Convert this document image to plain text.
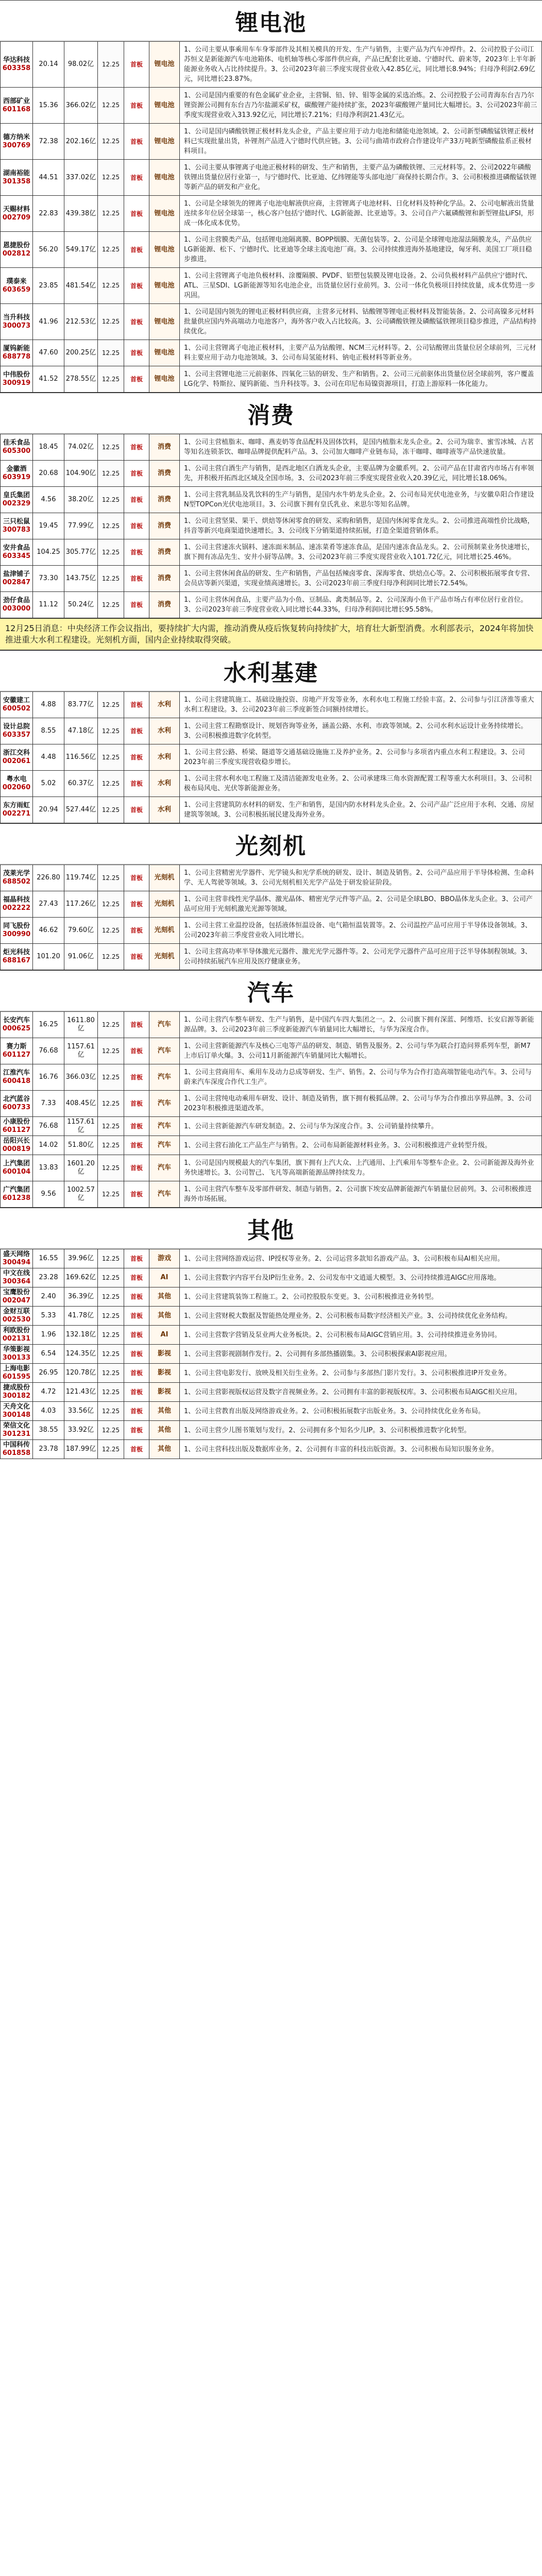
锂电池
华达科技
603358	20.14	98.02亿	12.25	首板	锂电池	1、公司主要从事乘用车车身零部件及其相关模具的开发、生产与销售，主要产品为汽车冲焊件。2、公司控股子公司江苏恒义是新能源汽车电池箱体、电机轴等核心零部件供应商，产品已配套比亚迪、宁德时代、蔚来等，2023年上半年新能源业务收入占比持续提升。3、公司2023年前三季度实现营业收入42.85亿元，同比增长8.94%；归母净利润2.69亿元，同比增长23.87%。

西部矿业
601168	15.36	366.02亿	12.25	首板	锂电池	1、公司是国内重要的有色金属矿业企业，主营铜、铅、锌、钼等金属的采选冶炼。2、公司控股子公司青海东台吉乃尔锂资源公司拥有东台吉乃尔盐湖采矿权，碳酸锂产能持续扩张，2023年碳酸锂产量同比大幅增长。3、公司2023年前三季度实现营业收入313.92亿元，同比增长7.21%；归母净利润21.43亿元。

德方纳米
300769	72.38	202.16亿	12.25	首板	锂电池	1、公司是国内磷酸铁锂正极材料龙头企业，产品主要应用于动力电池和储能电池领域。2、公司新型磷酸锰铁锂正极材料已实现批量出货，补锂剂产品进入宁德时代供应链。3、公司与曲靖市政府合作建设年产33万吨新型磷酸盐系正极材料项目。

湖南裕能
301358	44.51	337.02亿	12.25	首板	锂电池	1、公司主要从事锂离子电池正极材料的研发、生产和销售，主要产品为磷酸铁锂、三元材料等。2、公司2022年磷酸铁锂出货量位居行业第一，与宁德时代、比亚迪、亿纬锂能等头部电池厂商保持长期合作。3、公司积极推进磷酸锰铁锂等新产品的研发和产业化。

天赐材料
002709	22.83	439.38亿	12.25	首板	锂电池	1、公司是全球领先的锂离子电池电解液供应商，主营锂离子电池材料、日化材料及特种化学品。2、公司电解液出货量连续多年位居全球第一，核心客户包括宁德时代、LG新能源、比亚迪等。3、公司自产六氟磷酸锂和新型锂盐LiFSI，形成一体化成本优势。

恩捷股份
002812	56.20	549.17亿	12.25	首板	锂电池	1、公司主营膜类产品，包括锂电池隔离膜、BOPP烟膜、无菌包装等。2、公司是全球锂电池湿法隔膜龙头，产品供应LG新能源、松下、宁德时代、比亚迪等全球主流电池厂商。3、公司持续推进海外基地建设，匈牙利、美国工厂项目稳步推进。

璞泰来
603659	23.85	481.54亿	12.25	首板	锂电池	1、公司主营锂离子电池负极材料、涂覆隔膜、PVDF、铝塑包装膜及锂电设备。2、公司负极材料产品供应宁德时代、ATL、三星SDI、LG新能源等知名电池企业，出货量位居行业前列。3、公司一体化负极项目持续放量，成本优势进一步巩固。

当升科技
300073	41.96	212.53亿	12.25	首板	锂电池	1、公司是国内领先的锂电正极材料供应商，主营多元材料、钴酸锂等锂电正极材料及智能装备。2、公司高镍多元材料批量供应国内外高端动力电池客户，海外客户收入占比较高。3、公司磷酸铁锂及磷酸锰铁锂项目稳步推进，产品结构持续优化。

厦钨新能
688778	47.60	200.25亿	12.25	首板	锂电池	1、公司主营锂离子电池正极材料，主要产品为钴酸锂、NCM三元材料等。2、公司钴酸锂出货量位居全球前列，三元材料主要应用于动力电池领域。3、公司布局氢能材料、钠电正极材料等新业务。

中伟股份
300919	41.52	278.55亿	12.25	首板	锂电池	1、公司主营锂电池三元前驱体、四氧化三钴的研发、生产和销售。2、公司三元前驱体出货量位居全球前列，客户覆盖LG化学、特斯拉、厦钨新能、当升科技等。3、公司在印尼布局镍资源项目，打造上游原料一体化能力。
消费
佳禾食品
605300	18.45	74.02亿	12.25	首板	消费	1、公司主营植脂末、咖啡、燕麦奶等食品配料及固体饮料，是国内植脂末龙头企业。2、公司为瑞幸、蜜雪冰城、古茗等知名连锁茶饮、咖啡品牌提供配料产品。3、公司加大咖啡产业链布局，冻干咖啡、咖啡液等产品快速放量。

金徽酒
603919	20.68	104.90亿	12.25	首板	消费	1、公司主营白酒生产与销售，是西北地区白酒龙头企业，主要品牌为金徽系列。2、公司产品在甘肃省内市场占有率领先，并积极开拓西北区域及全国市场。3、公司2023年前三季度实现营业收入20.39亿元，同比增长18.06%。

皇氏集团
002329	4.56	38.20亿	12.25	首板	消费	1、公司主营乳制品及乳饮料的生产与销售，是国内水牛奶龙头企业。2、公司布局光伏电池业务，与安徽阜阳合作建设N型TOPCon光伏电池项目。3、公司旗下拥有皇氏乳业、来思尔等知名品牌。

三只松鼠
300783	19.45	77.99亿	12.25	首板	消费	1、公司主营坚果、果干、烘焙等休闲零食的研发、采购和销售，是国内休闲零食龙头。2、公司推进高端性价比战略，抖音等新兴电商渠道快速增长。3、公司线下分销渠道持续拓展，打造全渠道营销体系。

安井食品
603345	104.25	305.77亿	12.25	首板	消费	1、公司主营速冻火锅料、速冻面米制品、速冻菜肴等速冻食品，是国内速冻食品龙头。2、公司预制菜业务快速增长，旗下拥有冻品先生、安井小厨等品牌。3、公司2023年前三季度实现营业收入101.72亿元，同比增长25.46%。

盐津铺子
002847	73.30	143.75亿	12.25	首板	消费	1、公司主营休闲食品的研发、生产和销售，产品包括辣卤零食、深海零食、烘焙点心等。2、公司积极拓展零食专营、会员店等新兴渠道，实现业绩高速增长。3、公司2023年前三季度归母净利润同比增长72.54%。

劲仔食品
003000	11.12	50.24亿	12.25	首板	消费	1、公司主营休闲食品，主要产品为小鱼、豆制品、禽类制品等。2、公司深海小鱼干产品市场占有率位居行业首位。3、公司2023年前三季度营业收入同比增长44.33%，归母净利润同比增长95.58%。
12月25日消息：中央经济工作会议指出，要持续扩大内需，推动消费从疫后恢复转向持续扩大，培育壮大新型消费。水利部表示，2024年将加快推进重大水利工程建设。光刻机方面，国内企业持续取得突破。
水利基建
安徽建工
600502	4.88	83.77亿	12.25	首板	水利	1、公司主营建筑施工、基础设施投资、房地产开发等业务，水利水电工程施工经验丰富。2、公司参与引江济淮等重大水利工程建设。3、公司2023年前三季度新签合同额持续增长。

设计总院
603357	8.55	47.18亿	12.25	首板	水利	1、公司主营工程勘察设计、规划咨询等业务，涵盖公路、水利、市政等领域。2、公司水利水运设计业务持续增长。3、公司积极推进数字化转型。

浙江交科
002061	4.48	116.56亿	12.25	首板	水利	1、公司主营公路、桥梁、隧道等交通基础设施施工及养护业务。2、公司参与多项省内重点水利工程建设。3、公司2023年前三季度实现营收稳步增长。

粤水电
002060	5.02	60.37亿	12.25	首板	水利	1、公司主营水利水电工程施工及清洁能源发电业务。2、公司承建珠三角水资源配置工程等重大水利项目。3、公司积极布局风电、光伏等新能源业务。

东方雨虹
002271	20.94	527.44亿	12.25	首板	水利	1、公司主营建筑防水材料的研发、生产和销售，是国内防水材料龙头企业。2、公司产品广泛应用于水利、交通、房屋建筑等领域。3、公司积极拓展民建及海外业务。
光刻机
茂莱光学
688502	226.80	119.74亿	12.25	首板	光刻机	1、公司主营精密光学器件、光学镜头和光学系统的研发、设计、制造及销售。2、公司产品应用于半导体检测、生命科学、无人驾驶等领域。3、公司光刻机相关光学产品处于研发验证阶段。

福晶科技
002222	27.43	117.26亿	12.25	首板	光刻机	1、公司主营非线性光学晶体、激光晶体、精密光学元件等产品。2、公司是全球LBO、BBO晶体龙头企业。3、公司产品可应用于光刻机激光光源等领域。

同飞股份
300990	46.62	79.60亿	12.25	首板	光刻机	1、公司主营工业温控设备，包括液体恒温设备、电气箱恒温装置等。2、公司温控产品可应用于半导体设备领域。3、公司2023年前三季度营业收入同比增长。

炬光科技
688167	101.20	91.06亿	12.25	首板	光刻机	1、公司主营高功率半导体激光元器件、激光光学元器件等。2、公司光学元器件产品可应用于泛半导体制程领域。3、公司持续拓展汽车应用及医疗健康业务。
汽车
长安汽车
000625	16.25	1611.80亿	12.25	首板	汽车	1、公司主营汽车整车研发、生产与销售，是中国汽车四大集团之一。2、公司旗下拥有深蓝、阿维塔、长安启源等新能源品牌。3、公司2023年前三季度新能源汽车销量同比大幅增长，与华为深度合作。

赛力斯
601127	76.68	1157.61亿	12.25	首板	汽车	1、公司主营新能源汽车及核心三电等产品的研发、制造、销售及服务。2、公司与华为联合打造问界系列车型，新M7上市后订单火爆。3、公司11月新能源汽车销量同比大幅增长。

江淮汽车
600418	16.76	366.03亿	12.25	首板	汽车	1、公司主营商用车、乘用车及动力总成等研发、生产、销售。2、公司与华为合作打造高端智能电动汽车。3、公司与蔚来汽车深度合作代工生产。

北汽蓝谷
600733	7.33	408.45亿	12.25	首板	汽车	1、公司主营纯电动乘用车研发、设计、制造及销售，旗下拥有极狐品牌。2、公司与华为合作推出享界品牌。3、公司2023年积极推进渠道改革。

小康股份
601127	76.68	1157.61亿	12.25	首板	汽车	1、公司主营新能源汽车研发制造。2、公司与华为深度合作。3、公司销量持续攀升。

岳阳兴长
000819	14.02	51.80亿	12.25	首板	汽车	1、公司主营石油化工产品生产与销售。2、公司布局新能源材料业务。3、公司积极推进产业转型升级。

上汽集团
600104	13.83	1601.20亿	12.25	首板	汽车	1、公司是国内规模最大的汽车集团，旗下拥有上汽大众、上汽通用、上汽乘用车等整车企业。2、公司新能源及海外业务快速增长。3、公司智己、飞凡等高端新能源品牌持续发力。

广汽集团
601238	9.56	1002.57亿	12.25	首板	汽车	1、公司主营汽车整车及零部件研发、制造与销售。2、公司旗下埃安品牌新能源汽车销量位居前列。3、公司积极推进海外市场拓展。
其他
盛天网络
300494	16.55	39.96亿	12.25	首板	游戏	1、公司主营网络游戏运营、IP授权等业务。2、公司运营多款知名游戏产品。3、公司积极布局AI相关应用。

中文在线
300364	23.28	169.62亿	12.25	首板	AI	1、公司主营数字内容平台及IP衍生业务。2、公司发布中文逍遥大模型。3、公司持续推进AIGC应用落地。

宝鹰股份
002047	2.40	36.39亿	12.25	首板	其他	1、公司主营建筑装饰工程施工。2、公司控股股东变更。3、公司积极推进业务转型。

金财互联
002530	5.33	41.78亿	12.25	首板	其他	1、公司主营财税大数据及智能热处理业务。2、公司积极布局数字经济相关产业。3、公司持续优化业务结构。

利欧股份
002131	1.96	132.18亿	12.25	首板	AI	1、公司主营数字营销及泵业两大业务板块。2、公司积极布局AIGC营销应用。3、公司持续推进业务协同。

华策影视
300133	6.54	124.35亿	12.25	首板	影视	1、公司主营影视剧制作发行。2、公司拥有多部热播剧集。3、公司积极探索AI影视应用。

上海电影
601595	26.95	120.78亿	12.25	首板	影视	1、公司主营电影发行、放映及相关衍生业务。2、公司参与多部热门影片发行。3、公司积极推进IP开发业务。

捷成股份
300182	4.72	121.43亿	12.25	首板	影视	1、公司主营影视版权运营及数字音视频业务。2、公司拥有丰富的影视版权库。3、公司积极布局AIGC相关应用。

天舟文化
300148	4.03	33.56亿	12.25	首板	其他	1、公司主营教育出版及网络游戏业务。2、公司积极拓展数字出版业务。3、公司持续优化业务布局。

荣信文化
301231	38.55	33.92亿	12.25	首板	其他	1、公司主营少儿图书策划与发行。2、公司拥有多个知名少儿IP。3、公司积极推进数字化转型。

中国科传
601858	23.78	187.99亿	12.25	首板	其他	1、公司主营科技出版及数据库业务。2、公司拥有丰富的科技出版资源。3、公司积极布局知识服务业务。
